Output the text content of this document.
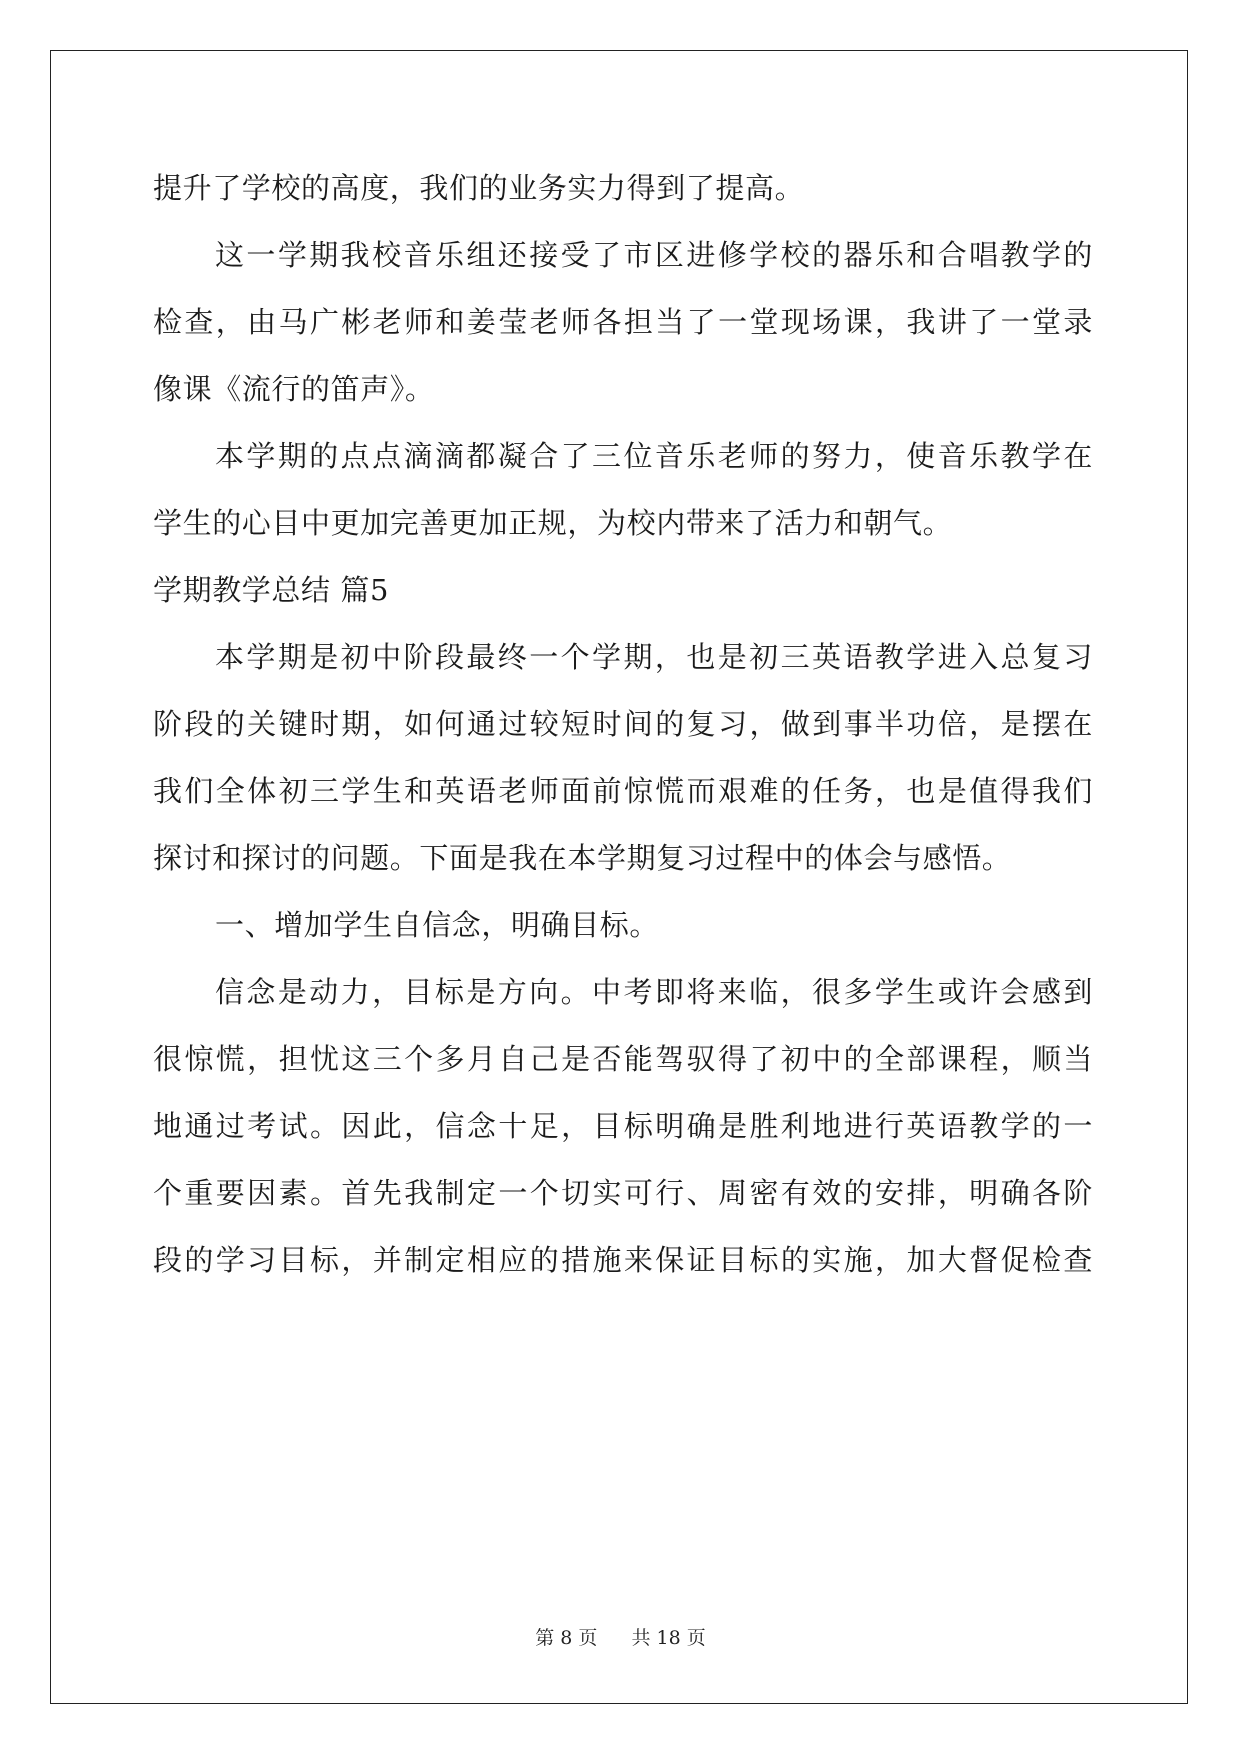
提升了学校的高度，我们的业务实力得到了提高。
这一学期我校音乐组还接受了市区进修学校的器乐和合唱教学的
检查，由马广彬老师和姜莹老师各担当了一堂现场课，我讲了一堂录
像课《流行的笛声》。
本学期的点点滴滴都凝合了三位音乐老师的努力，使音乐教学在
学生的心目中更加完善更加正规，为校内带来了活力和朝气。
学期教学总结 篇5
本学期是初中阶段最终一个学期，也是初三英语教学进入总复习
阶段的关键时期，如何通过较短时间的复习，做到事半功倍，是摆在
我们全体初三学生和英语老师面前惊慌而艰难的任务，也是值得我们
探讨和探讨的问题。下面是我在本学期复习过程中的体会与感悟。
一、增加学生自信念，明确目标。
信念是动力，目标是方向。中考即将来临，很多学生或许会感到
很惊慌，担忧这三个多月自己是否能驾驭得了初中的全部课程，顺当
地通过考试。因此，信念十足，目标明确是胜利地进行英语教学的一
个重要因素。首先我制定一个切实可行、周密有效的安排，明确各阶
段的学习目标，并制定相应的措施来保证目标的实施，加大督促检查
第 8 页 共 18 页
